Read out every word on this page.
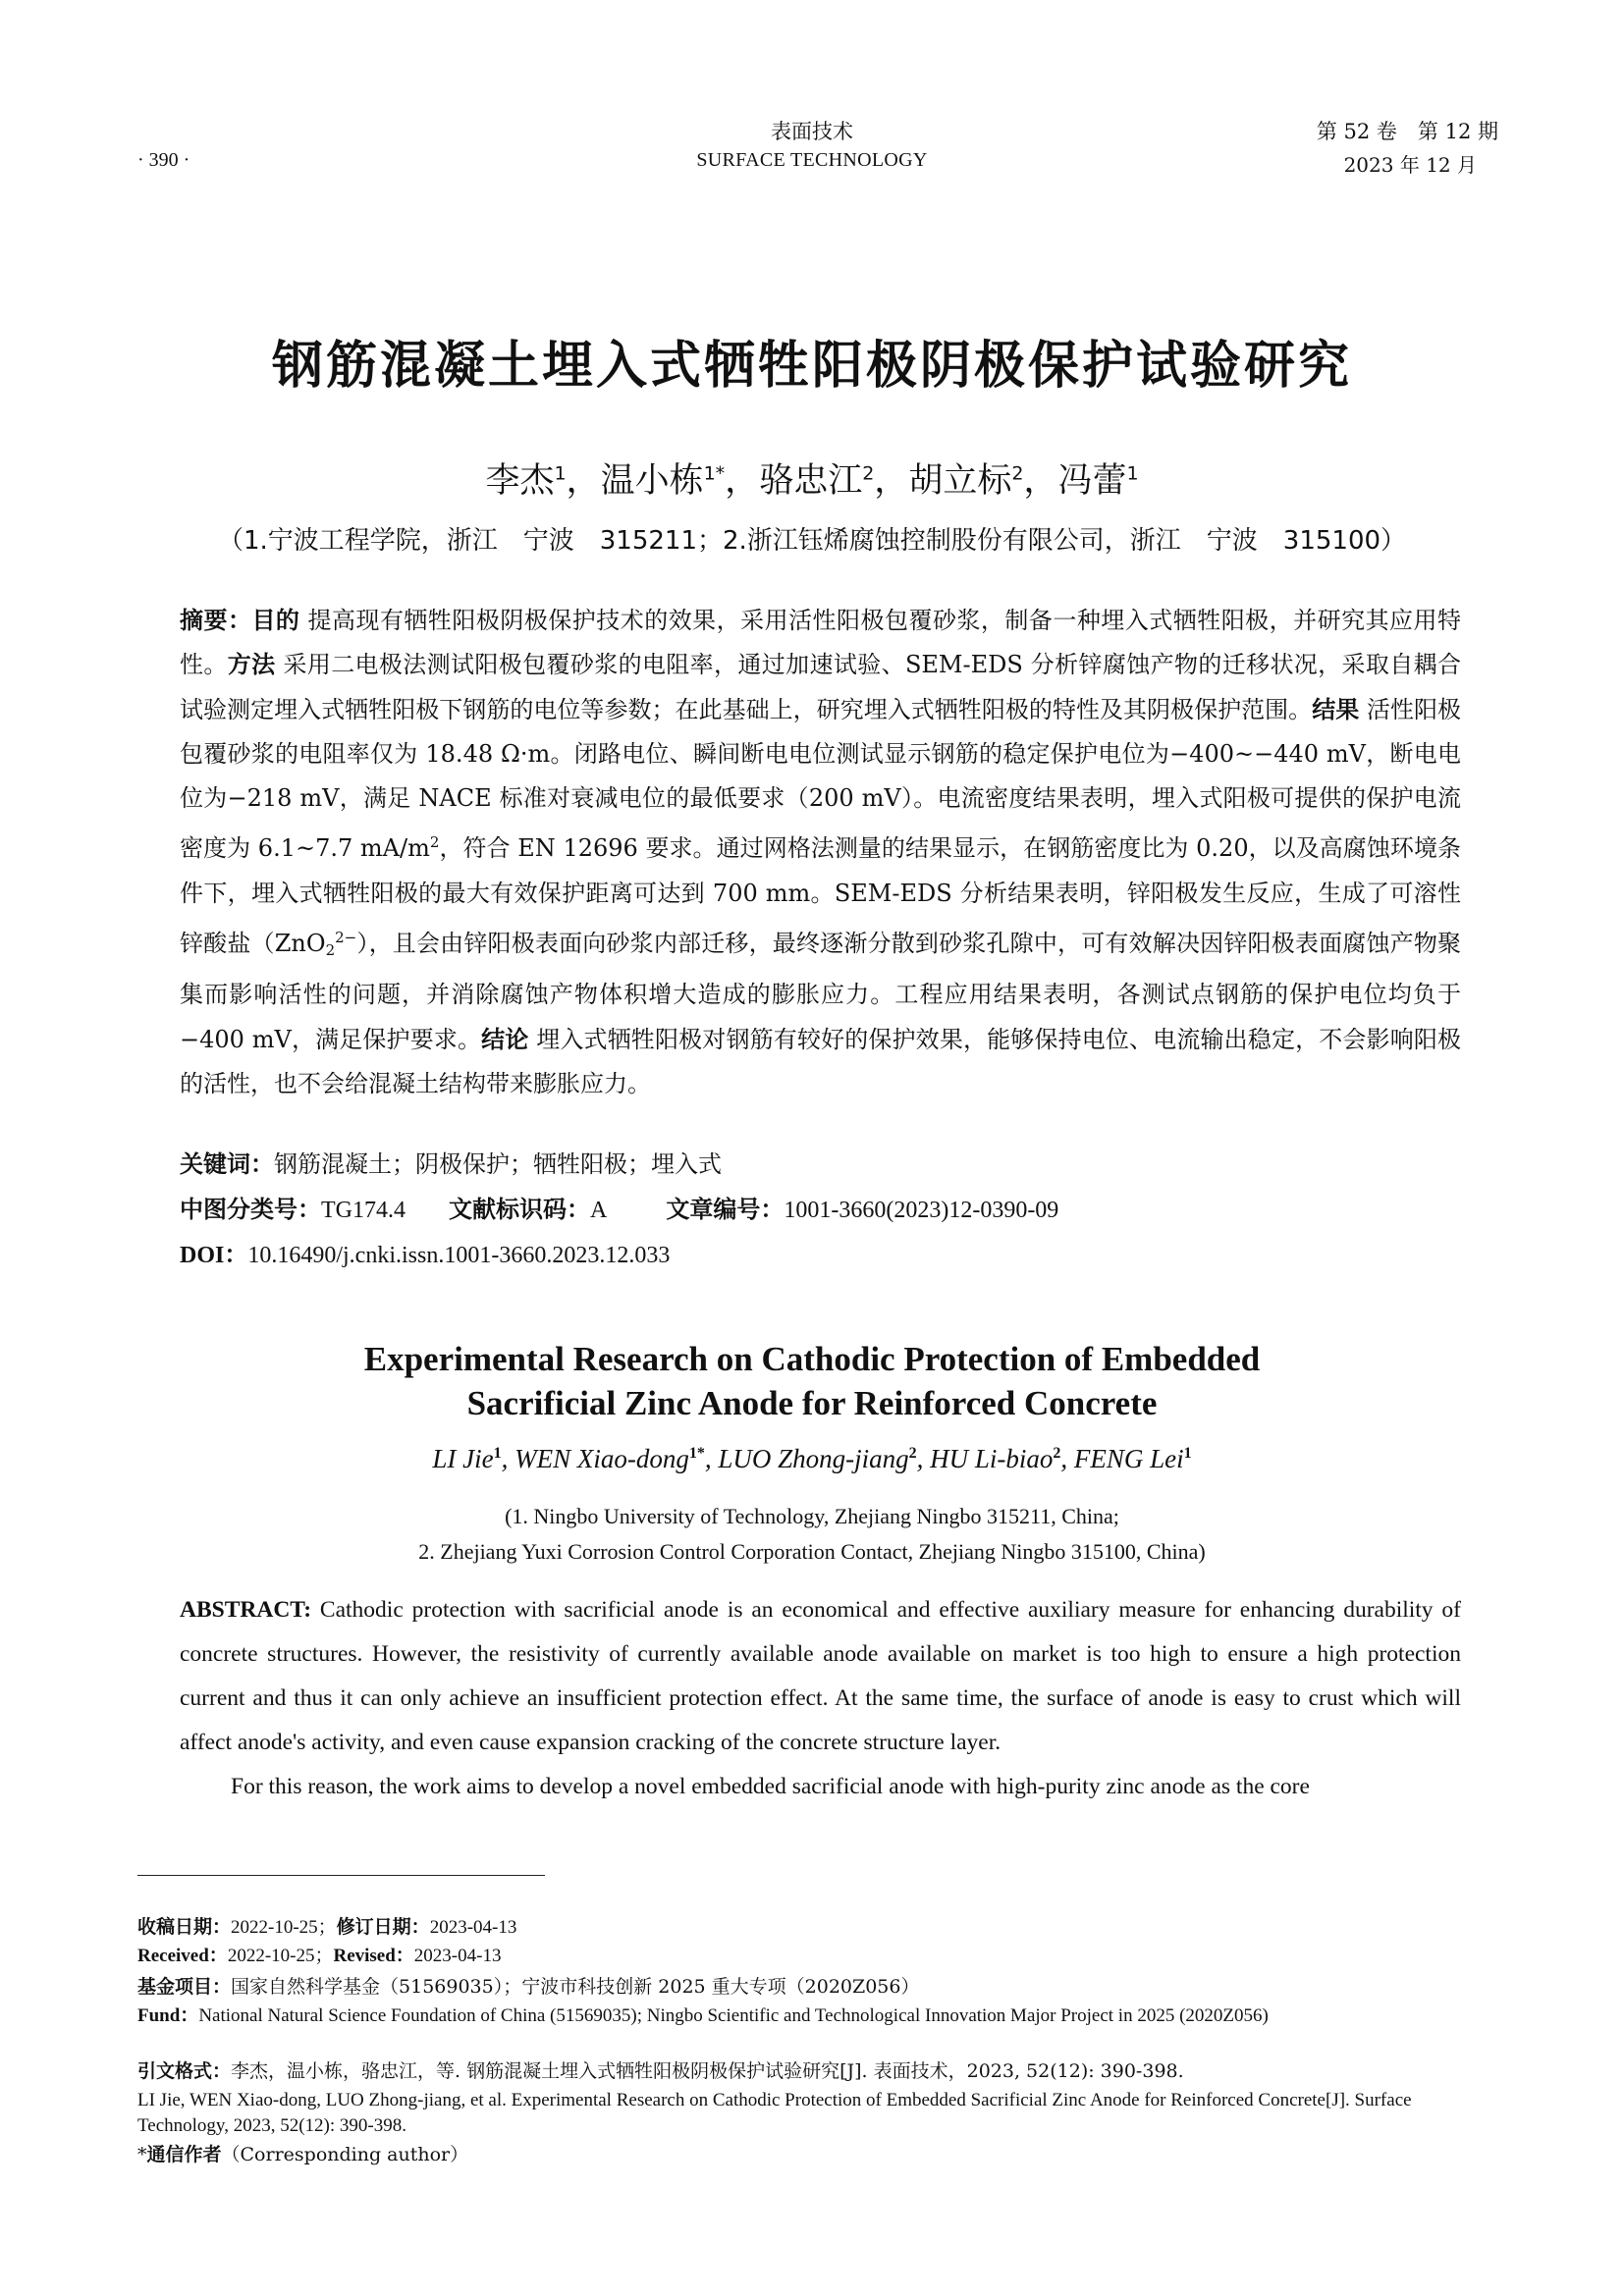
· 390 ·
表面技术
SURFACE TECHNOLOGY
第 52 卷　第 12 期
2023 年 12 月
钢筋混凝土埋入式牺牲阳极阴极保护试验研究
李杰$^1$，温小栋$^{1*}$，骆忠江$^2$，胡立标$^2$，冯蕾$^1$
（1.宁波工程学院，浙江　宁波　315211；2.浙江钰烯腐蚀控制股份有限公司，浙江　宁波　315100）
摘要：目的 提高现有牺牲阳极阴极保护技术的效果，采用活性阳极包覆砂浆，制备一种埋入式牺牲阳极，并研究其应用特性。方法 采用二电极法测试阳极包覆砂浆的电阻率，通过加速试验、SEM-EDS 分析锌腐蚀产物的迁移状况，采取自耦合试验测定埋入式牺牲阳极下钢筋的电位等参数；在此基础上，研究埋入式牺牲阳极的特性及其阴极保护范围。结果 活性阳极包覆砂浆的电阻率仅为 18.48 Ω·m。闭路电位、瞬间断电电位测试显示钢筋的稳定保护电位为−400~−440 mV，断电电位为−218 mV，满足 NACE 标准对衰减电位的最低要求（200 mV）。电流密度结果表明，埋入式阳极可提供的保护电流密度为 6.1~7.7 $mA/m^2$，符合 EN 12696 要求。通过网格法测量的结果显示，在钢筋密度比为 0.20，以及高腐蚀环境条件下，埋入式牺牲阳极的最大有效保护距离可达到 700 mm。SEM-EDS 分析结果表明，锌阳极发生反应，生成了可溶性锌酸盐$(ZnO2^{2-})$，且会由锌阳极表面向砂浆内部迁移，最终逐渐分散到砂浆孔隙中，可有效解决因锌阳极表面腐蚀产物聚集而影响活性的问题，并消除腐蚀产物体积增大造成的膨胀应力。工程应用结果表明，各测试点钢筋的保护电位均负于−400 mV，满足保护要求。结论 埋入式牺牲阳极对钢筋有较好的保护效果，能够保持电位、电流输出稳定，不会影响阳极的活性，也不会给混凝土结构带来膨胀应力。
关键词：钢筋混凝土；阴极保护；牺牲阳极；埋入式
中图分类号：TG174.4 文献标识码：A	文章编号：1001-3660(2023)12-0390-09
DOI：10.16490/j.cnki.issn.1001-3660.2023.12.033
Experimental Research on Cathodic Protection of Embedded
Sacrificial Zinc Anode for Reinforced Concrete
LI Jie$^1$, WEN Xiao-dong$^{1*}$, LUO Zhong-jiang$^2$, HU Li-biao$^2$, FENG Lei$^1$
(1. Ningbo University of Technology, Zhejiang Ningbo 315211, China;
2. Zhejiang Yuxi Corrosion Control Corporation Contact, Zhejiang Ningbo 315100, China)
ABSTRACT: Cathodic protection with sacrificial anode is an economical and effective auxiliary measure for enhancing durability of concrete structures. However, the resistivity of currently available anode available on market is too high to ensure a high protection current and thus it can only achieve an insufficient protection effect. At the same time, the surface of anode is easy to crust which will affect anode's activity, and even cause expansion cracking of the concrete structure layer.
For this reason, the work aims to develop a novel embedded sacrificial anode with high-purity zinc anode as the core
收稿日期：2022-10-25；修订日期：2023-04-13
Received：2022-10-25；Revised：2023-04-13
基金项目：国家自然科学基金（51569035）；宁波市科技创新 2025 重大专项（2020Z056）
Fund：National Natural Science Foundation of China (51569035); Ningbo Scientific and Technological Innovation Major Project in 2025 (2020Z056)
引文格式：李杰，温小栋，骆忠江，等. 钢筋混凝土埋入式牺牲阳极阴极保护试验研究[J]. 表面技术，2023, 52(12): 390-398.
LI Jie, WEN Xiao-dong, LUO Zhong-jiang, et al. Experimental Research on Cathodic Protection of Embedded Sacrificial Zinc Anode for Reinforced Concrete[J]. Surface Technology, 2023, 52(12): 390-398.
*通信作者（Corresponding author）
